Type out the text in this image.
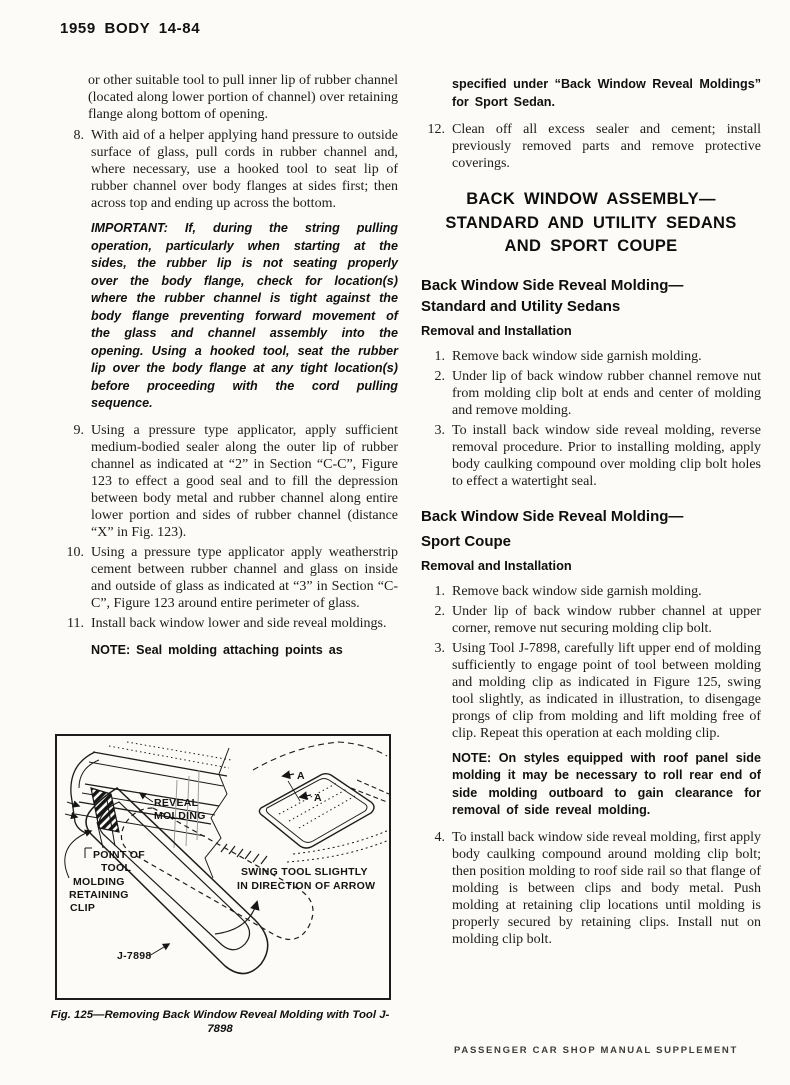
1959 BODY 14-84

or other suitable tool to pull inner lip of rubber channel (located along lower portion of channel) over retaining flange along bottom of opening.

8. With aid of a helper applying hand pressure to outside surface of glass, pull cords in rubber channel and, where necessary, use a hooked tool to seat lip of rubber channel over body flanges at sides first; then across top and ending up across the bottom.
IMPORTANT: If, during the string pulling operation, particularly when starting at the sides, the rubber lip is not seating properly over the body flange, check for location(s) where the rubber channel is tight against the body flange preventing forward movement of the glass and channel assembly into the opening. Using a hooked tool, seat the rubber lip over the body flange at any tight location(s) before proceeding with the cord pulling sequence.
9. Using a pressure type applicator, apply sufficient medium-bodied sealer along the outer lip of rubber channel as indicated at “2” in Section “C-C”, Figure 123 to effect a good seal and to fill the depression between body metal and rubber channel along entire lower portion and sides of rubber channel (distance “X” in Fig. 123).
10. Using a pressure type applicator apply weatherstrip cement between rubber channel and glass on inside and outside of glass as indicated at “3” in Section “C-C”, Figure 123 around entire perimeter of glass.
11. Install back window lower and side reveal moldings.
NOTE: Seal molding attaching points as
A
A
REVEAL
MOLDING
POINT OF
TOOL
MOLDING
RETAINING
CLIP
SWING TOOL SLIGHTLY
IN DIRECTION OF ARROW
J-7898
Fig. 125—Removing Back Window Reveal Molding with Tool J-7898
specified under “Back Window Reveal Moldings” for Sport Sedan.
12. Clean off all excess sealer and cement; install previously removed parts and remove protective coverings.
BACK WINDOW ASSEMBLY—
STANDARD AND UTILITY SEDANS
AND SPORT COUPE
Back Window Side Reveal Molding—
Standard and Utility Sedans
Removal and Installation
1. Remove back window side garnish molding.
2. Under lip of back window rubber channel remove nut from molding clip bolt at ends and center of molding and remove molding.
3. To install back window side reveal molding, reverse removal procedure. Prior to installing molding, apply body caulking compound over molding clip bolt holes to effect a watertight seal.
Back Window Side Reveal Molding—
Sport Coupe
Removal and Installation
1. Remove back window side garnish molding.
2. Under lip of back window rubber channel at upper corner, remove nut securing molding clip bolt.
3. Using Tool J-7898, carefully lift upper end of molding sufficiently to engage point of tool between molding and molding clip as indicated in Figure 125, swing tool slightly, as indicated in illustration, to disengage prongs of clip from molding and lift molding free of clip. Repeat this operation at each molding clip.
NOTE: On styles equipped with roof panel side molding it may be necessary to roll rear end of side molding outboard to gain clearance for removal of side reveal molding.
4. To install back window side reveal molding, first apply body caulking compound around molding clip bolt; then position molding to roof side rail so that flange of molding is between clips and body metal. Push molding at retaining clip locations until molding is properly secured by retaining clips. Install nut on molding clip bolt.
PASSENGER CAR SHOP MANUAL SUPPLEMENT
